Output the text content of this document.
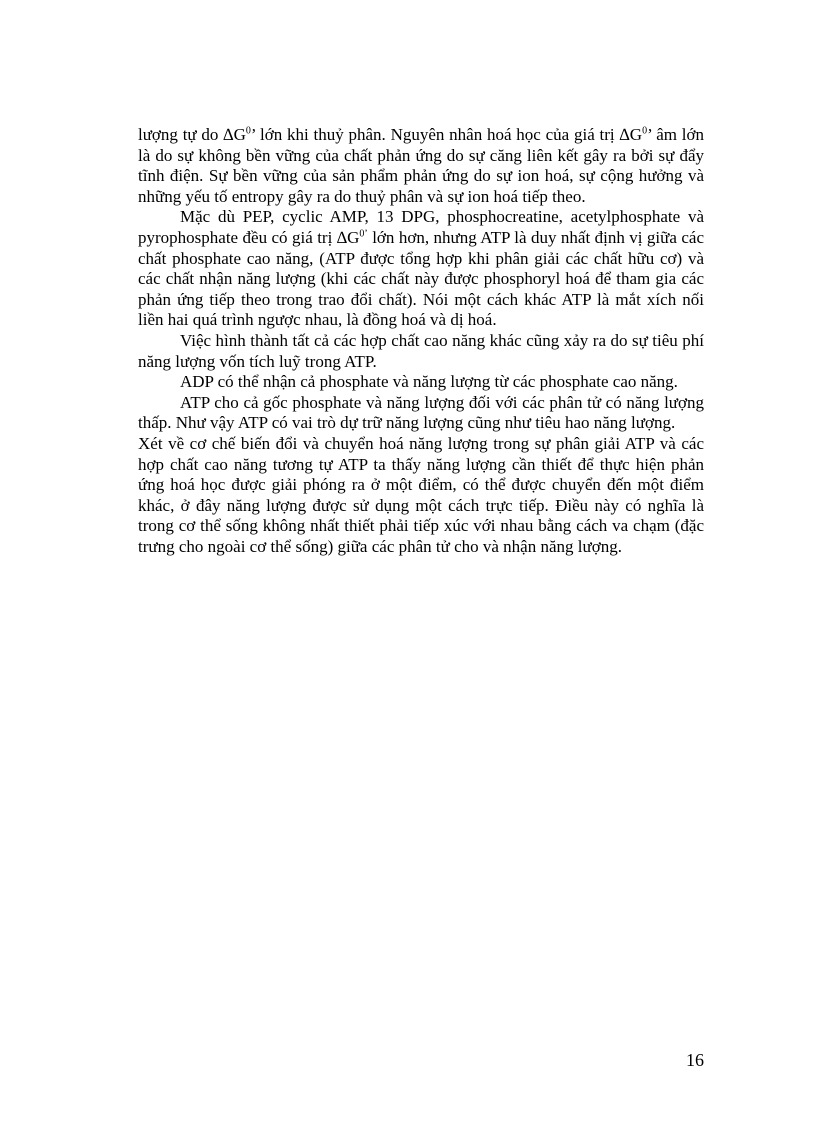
lượng tự do $\Delta G^0$’ lớn khi thuỷ phân. Nguyên nhân hoá học của giá trị $\Delta G^0$’ âm lớn là do sự không bền vững của chất phản ứng do sự căng liên kết gây ra bởi sự đẩy tĩnh điện. Sự bền vững của sản phẩm phản ứng do sự ion hoá, sự cộng hưởng và những yếu tố entropy gây ra do thuỷ phân và sự ion hoá tiếp theo.

Mặc dù PEP, cyclic AMP, 13 DPG, phosphocreatine, acetylphosphate và pyrophosphate đều có giá trị $\Delta G^{0’}$ lớn hơn, nhưng ATP là duy nhất định vị giữa các chất phosphate cao năng, (ATP được tổng hợp khi phân giải các chất hữu cơ) và các chất nhận năng lượng (khi các chất này được phosphoryl hoá để tham gia các phản ứng tiếp theo trong trao đổi chất). Nói một cách khác ATP là mắt xích nối liền hai quá trình ngược nhau, là đồng hoá và dị hoá.

Việc hình thành tất cả các hợp chất cao năng khác cũng xảy ra do sự tiêu phí năng lượng vốn tích luỹ trong ATP.

ADP có thể nhận cả phosphate và năng lượng từ các phosphate cao năng.

ATP cho cả gốc phosphate và năng lượng đối với các phân tử có năng lượng thấp. Như vậy ATP có vai trò dự trữ năng lượng cũng như tiêu hao năng lượng.

Xét về cơ chế biến đổi và chuyển hoá năng lượng trong sự phân giải ATP và các hợp chất cao năng tương tự ATP ta thấy năng lượng cần thiết để thực hiện phản ứng hoá học được giải phóng ra ở một điểm, có thể được chuyển đến một điểm khác, ở đây năng lượng được sử dụng một cách trực tiếp. Điều này có nghĩa là trong cơ thể sống không nhất thiết phải tiếp xúc với nhau bằng cách va chạm (đặc trưng cho ngoài cơ thể sống) giữa các phân tử cho và nhận năng lượng.

16
